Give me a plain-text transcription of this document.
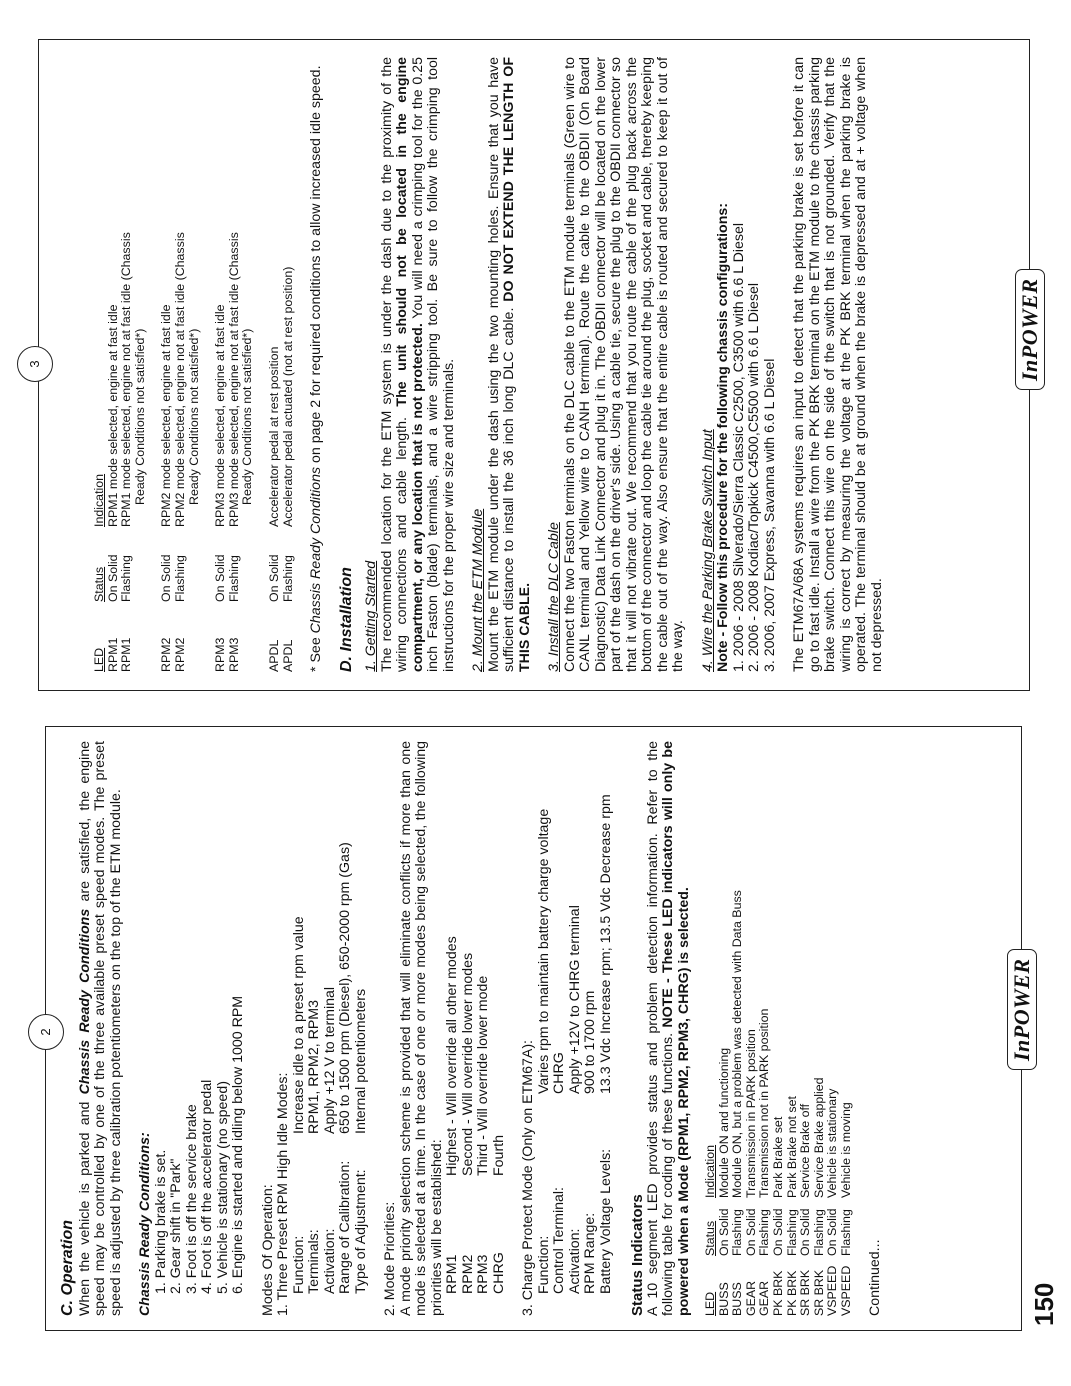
2

C. Operation When the vehicle is parked and Chassis Ready Conditions are satisfied, the engine speed may be controlled by one of the three available preset speed modes. The preset speed is adjusted by three calibration potentiometers on the top of the ETM module. Chassis Ready Conditions: 1. Parking brake is set. 2. Gear shift in "Park" 3. Foot is off the service brake 4. Foot is off the accelerator pedal 5. Vehicle is stationary (no speed) 6. Engine is started and idling below 1000 RPM Modes Of Operation: 1. Three Preset RPM High Idle Modes: Function:
Increase idle to a preset rpm value
Terminals:
RPM1, RPM2, RPM3
Activation:
Apply +12 V to terminal
Range of Calibration:
650 to 1500 rpm (Diesel), 650-2000 rpm (Gas)
Type of Adjustment:
Internal potentiometers

2. Mode Priorities: A mode priority selection scheme is provided that will eliminate conflicts if more than one mode is selected at a time. In the case of one or more modes being selected, the following priorities will be established: RPM1
Highest - Will override all other modes
RPM2
Second - Will override lower modes
RPM3
Third - Will override lower mode
CHRG
Fourth 3. Charge Protect Mode (Only on ETM67A): Function:
Varies rpm to maintain battery charge voltage
Control Terminal:
CHRG
Activation:
Apply +12V to CHRG terminal
RPM Range:
900 to 1700 rpm
Battery Voltage Levels:
13.3 Vdc Increase rpm; 13.5 Vdc Decrease rpm

Status Indicators

A 10 segment LED provides status and problem detection information. Refer to the following table for coding of these functions. NOTE - These LED indicators will only be powered when a Mode (RPM1, RPM2, RPM3, CHRG) is selected. LED
Status
Indication
BUSS
On Solid
Module ON and functioning
BUSS
Flashing
Module ON, but a problem was detected with Data Buss
GEAR
On Solid
Transmission in PARK position
GEAR
Flashing
Transmission not in PARK position
PK BRK
On Solid
Park Brake set
PK BRK
Flashing
Park Brake not set
SR BRK
On Solid
Service Brake off
SR BRK
Flashing
Service Brake applied
VSPEED
On Solid
Vehicle is stationary
VSPEED
Flashing
Vehicle is moving

Continued...

InPOWER
3
LED
Status
Indication
RPM1
On Solid
RPM1 mode selected, engine at fast idle
RPM1
Flashing
RPM1 mode selected, engine not at fast idle (Chassis Ready Conditions not satisfied*)
RPM2
On Solid
RPM2 mode selected, engine at fast idle
RPM2
Flashing
RPM2 mode selected, engine not at fast idle (Chassis Ready Conditions not satisfied*)
RPM3
On Solid
RPM3 mode selected, engine at fast idle
RPM3
Flashing
RPM3 mode selected, engine not at fast idle (Chassis Ready Conditions not satisfied*)
APDL
On Solid
Accelerator pedal at rest position
APDL
Flashing
Accelerator pedal actuated (not at rest position)

* See Chassis Ready Conditions on page 2 for required conditions to allow increased idle speed.

D. Installation 1. Getting Started The recommended location for the ETM system is under the dash due to the proximity of the wiring connections and cable length. The unit should not be located in the engine compartment, or any location that is not protected. You will need a crimping tool for the 0.25 inch Faston (blade) terminals, and a wire stripping tool. Be sure to follow the crimping tool instructions for the proper wire size and terminals. 2. Mount the ETM Module Mount the ETM module under the dash using the two mounting holes. Ensure that you have sufficient distance to install the 36 inch long DLC cable. DO NOT EXTEND THE LENGTH OF THIS CABLE. 3. Install the DLC Cable Connect the two Faston terminals on the DLC cable to the ETM module terminals (Green wire to CANL terminal and Yellow wire to CANH terminal). Route the cable to the OBDII (On Board Diagnostic) Data Link Connector and plug it in. The OBDII connector will be located on the lower part of the dash on the driver's side. Using a cable tie, secure the plug to the OBDII connector so that it will not vibrate out. We recommend that you route the cable of the plug back across the bottom of the connector and loop the cable tie around the plug, socket and cable, thereby keeping the cable out of the way. Also ensure that the entire cable is routed and secured to keep it out of the way. 4. Wire the Parking Brake Switch Input Note - Follow this procedure for the following chassis configurations: 1. 2006 - 2008 Silverado/Sierra Classic C2500, C3500 with 6.6 L Diesel 2. 2006 - 2008 Kodiac/Topkick C4500,C5500 with 6.6 L Diesel 3. 2006, 2007 Express, Savanna with 6.6 L Diesel The ETM67A/68A systems requires an input to detect that the parking brake is set before it can go to fast idle. Install a wire from the PK BRK terminal on the ETM module to the chassis parking brake switch. Connect this wire on the side of the switch that is not grounded. Verify that the wiring is correct by measuring the voltage at the PK BRK terminal when the parking brake is operated. The terminal should be at ground when the brake is depressed and at + voltage when not depressed.

InPOWER
150
